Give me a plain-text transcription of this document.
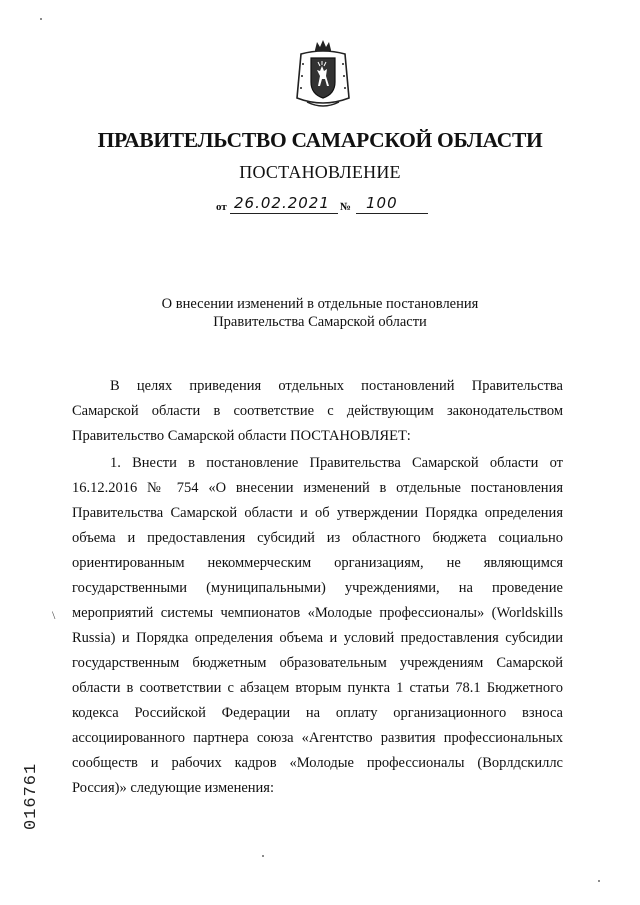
ПРАВИТЕЛЬСТВО САМАРСКОЙ ОБЛАСТИ
ПОСТАНОВЛЕНИЕ
от 26.02.2021 № 100
О внесении изменений в отдельные постановления
Правительства Самарской области

В целях приведения отдельных постановлений Правительства Самарской области в соответствие с действующим законодательством Правительство Самарской области ПОСТАНОВЛЯЕТ:

1. Внести в постановление Правительства Самарской области от 16.12.2016 № 754 «О внесении изменений в отдельные постановления Правительства Самарской области и об утверждении Порядка определения объема и предоставления субсидий из областного бюджета социально ориентированным некоммерческим организациям, не являющимся государственными (муниципальными) учреждениями, на проведение мероприятий системы чемпионатов «Молодые профессионалы» (Worldskills Russia) и Порядка определения объема и условий предоставления субсидии государственным бюджетным образовательным учреждениям Самарской области в соответствии с абзацем вторым пункта 1 статьи 78.1 Бюджетного кодекса Российской Федерации на оплату организационного взноса ассоциированного партнера союза «Агентство развития профессиональных сообществ и рабочих кадров «Молодые профессионалы (Ворлдскиллс Россия)» следующие изменения:

\
016761
